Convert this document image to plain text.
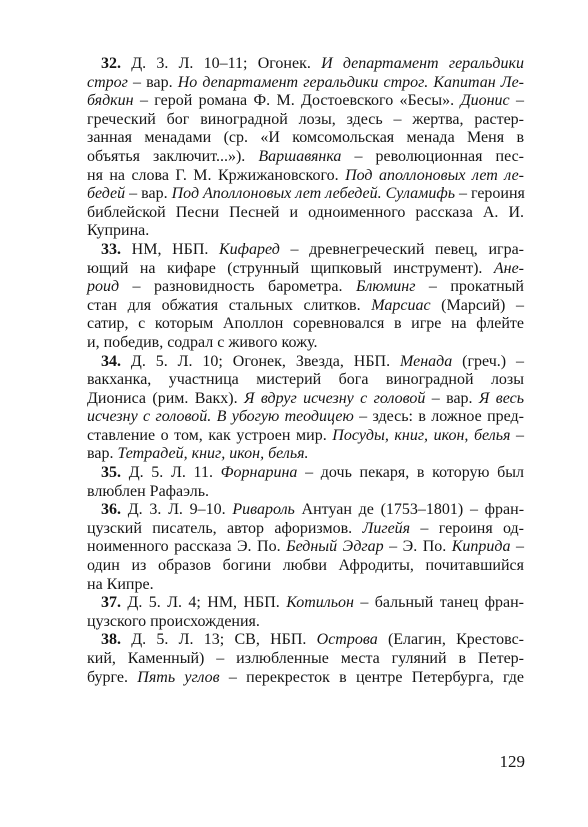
32. Д. 3. Л. 10–11; Огонек. И департамент геральдики
строг – вар. Но департамент геральдики строг. Капитан Ле-
бядкин – герой романа Ф. М. Достоевского «Бесы». Дионис –
греческий бог виноградной лозы, здесь – жертва, растер-
занная менадами (ср. «И комсомольская менада Меня в
объятья заключит...»). Варшавянка – революционная пес-
ня на слова Г. М. Кржижановского. Под аполлоновых лет ле-
бедей – вар. Под Аполлоновых лет лебедей. Суламифь – героиня
библейской Песни Песней и одноименного рассказа А. И.
Куприна.
33. НМ, НБП. Кифаред – древнегреческий певец, игра-
ющий на кифаре (струнный щипковый инструмент). Ане-
роид – разновидность барометра. Блюминг – прокатный
стан для обжатия стальных слитков. Марсиас (Марсий) –
сатир, с которым Аполлон соревновался в игре на флейте
и, победив, содрал с живого кожу.
34. Д. 5. Л. 10; Огонек, Звезда, НБП. Менада (греч.) –
вакханка, участница мистерий бога виноградной лозы
Диониса (рим. Вакх). Я вдруг исчезну с головой – вар. Я весь
исчезну с головой. В убогую теодицею – здесь: в ложное пред-
ставление о том, как устроен мир. Посуды, книг, икон, белья –
вар. Тетрадей, книг, икон, белья.
35. Д. 5. Л. 11. Форнарина – дочь пекаря, в которую был
влюблен Рафаэль.
36. Д. 3. Л. 9–10. Ривароль Антуан де (1753–1801) – фран-
цузский писатель, автор афоризмов. Лигейя – героиня од-
ноименного рассказа Э. По. Бедный Эдгар – Э. По. Киприда –
один из образов богини любви Афродиты, почитавшийся
на Кипре.
37. Д. 5. Л. 4; НМ, НБП. Котильон – бальный танец фран-
цузского происхождения.
38. Д. 5. Л. 13; СВ, НБП. Острова (Елагин, Крестовс-
кий, Каменный) – излюбленные места гуляний в Петер-
бурге. Пять углов – перекресток в центре Петербурга, где
129
